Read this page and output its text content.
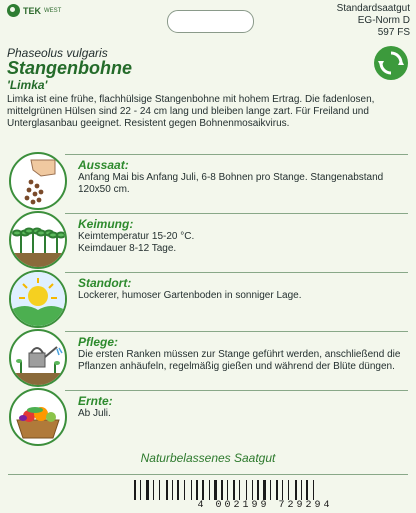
TEK WEST	Standardsaatgut
EG-Norm D
597 FS
Phaseolus vulgaris
Stangenbohne
'Limka'
Limka ist eine frühe, flachhülsige Stangenbohne mit hohem Ertrag. Die fadenlosen, mittelgrünen Hülsen sind 22 - 24 cm lang und bleiben lange zart. Für Freiland und Unterglasanbau geeignet. Resistent gegen Bohnenmosaikvirus.
Aussaat:
Anfang Mai bis Anfang Juli, 6-8 Bohnen pro Stange. Stangenabstand 120x50 cm.
Keimung:
Keimtemperatur 15-20 °C.
Keimdauer 8-12 Tage.
Standort:
Lockerer, humoser Gartenboden in sonniger Lage.
Pflege:
Die ersten Ranken müssen zur Stange geführt werden, anschließend die Pflanzen anhäufeln, regelmäßig gießen und während der Blüte düngen.
Ernte:
Ab Juli.
Naturbelassenes Saatgut
4 002199 729294
